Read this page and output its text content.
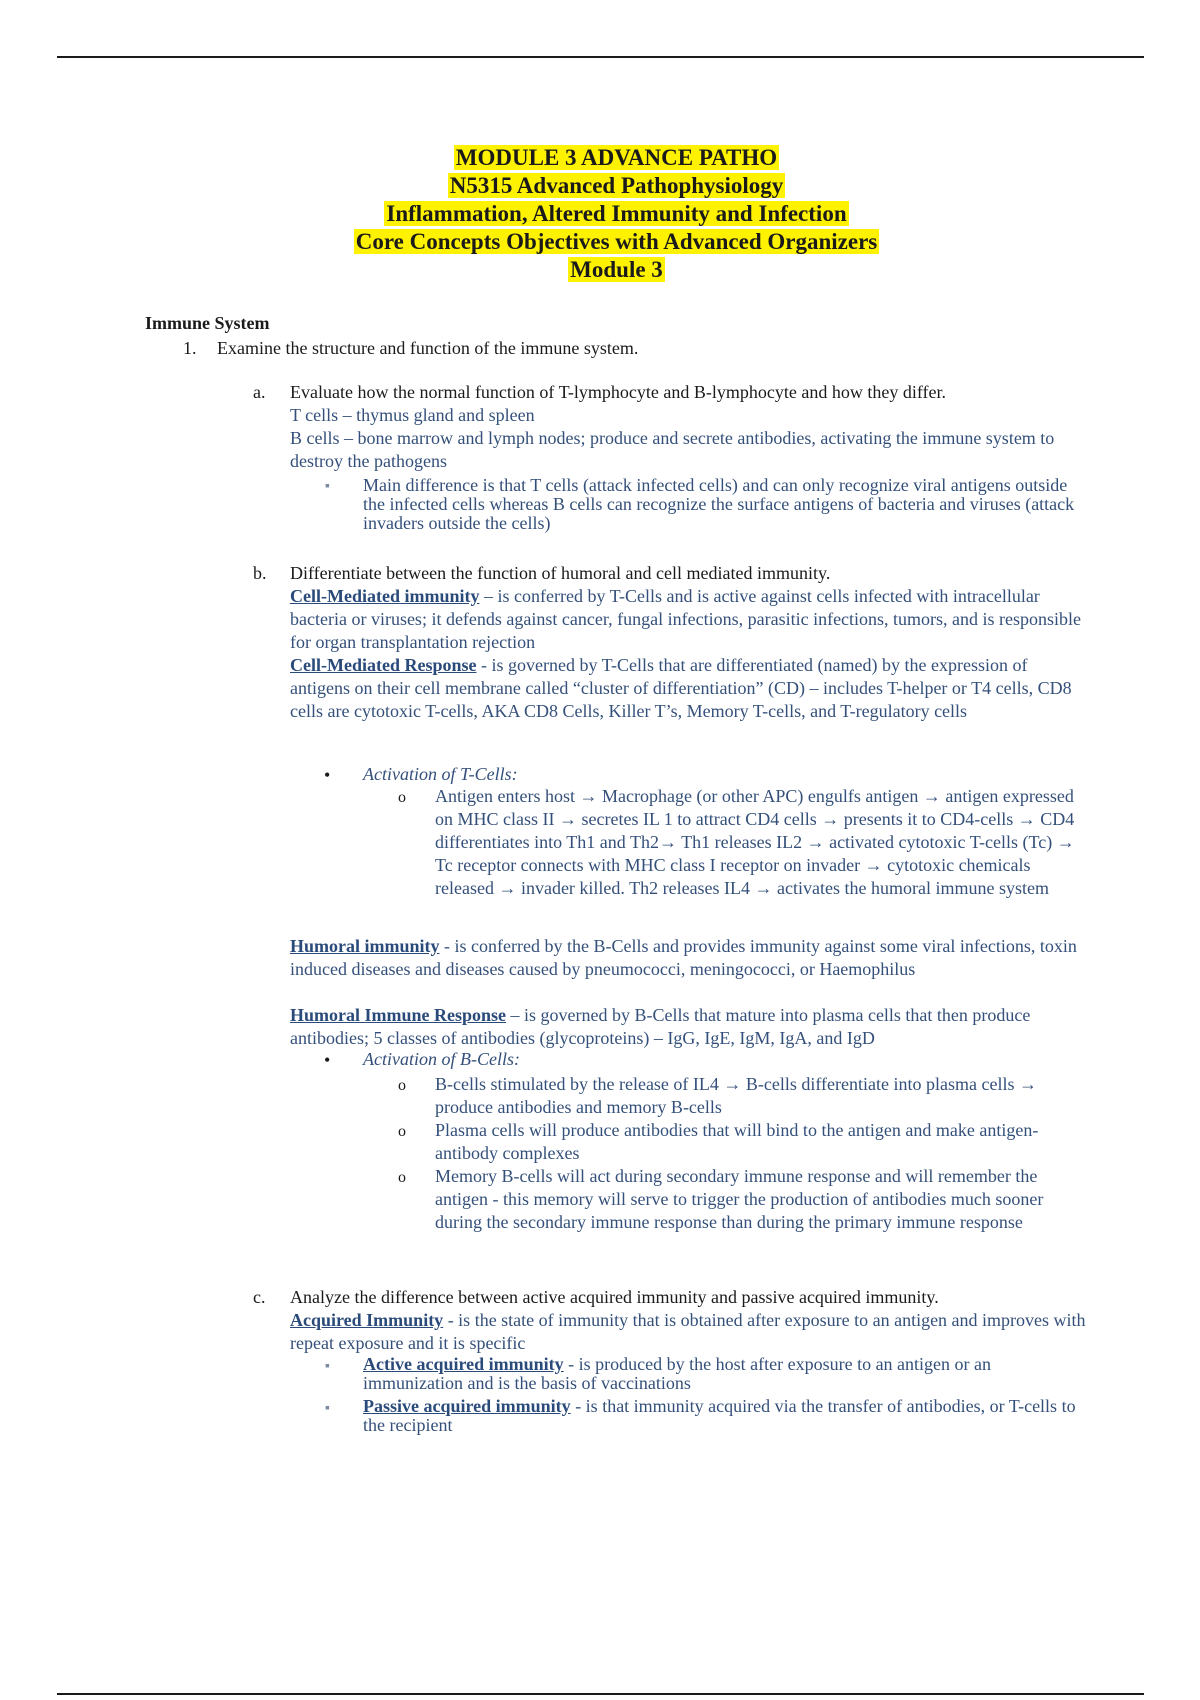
MODULE 3 ADVANCE PATHO
N5315 Advanced Pathophysiology
Inflammation, Altered Immunity and Infection
Core Concepts Objectives with Advanced Organizers
Module 3
Immune System
1. Examine the structure and function of the immune system.
a. Evaluate how the normal function of T-lymphocyte and B-lymphocyte and how they differ.
T cells – thymus gland and spleen
B cells – bone marrow and lymph nodes; produce and secrete antibodies, activating the immune system to destroy the pathogens
▪ Main difference is that T cells (attack infected cells) and can only recognize viral antigens outside the infected cells whereas B cells can recognize the surface antigens of bacteria and viruses (attack invaders outside the cells)
b. Differentiate between the function of humoral and cell mediated immunity.
Cell-Mediated immunity – is conferred by T-Cells and is active against cells infected with intracellular bacteria or viruses; it defends against cancer, fungal infections, parasitic infections, tumors, and is responsible for organ transplantation rejection
Cell-Mediated Response - is governed by T-Cells that are differentiated (named) by the expression of antigens on their cell membrane called “cluster of differentiation” (CD) – includes T-helper or T4 cells, CD8 cells are cytotoxic T-cells, AKA CD8 Cells, Killer T’s, Memory T-cells, and T-regulatory cells
• Activation of T-Cells:
o Antigen enters host → Macrophage (or other APC) engulfs antigen → antigen expressed on MHC class II → secretes IL 1 to attract CD4 cells → presents it to CD4-cells → CD4 differentiates into Th1 and Th2→ Th1 releases IL2 → activated cytotoxic T-cells (Tc) → Tc receptor connects with MHC class I receptor on invader → cytotoxic chemicals released → invader killed. Th2 releases IL4 → activates the humoral immune system
Humoral immunity - is conferred by the B-Cells and provides immunity against some viral infections, toxin induced diseases and diseases caused by pneumococci, meningococci, or Haemophilus
Humoral Immune Response – is governed by B-Cells that mature into plasma cells that then produce antibodies; 5 classes of antibodies (glycoproteins) – IgG, IgE, IgM, IgA, and IgD
• Activation of B-Cells:
o B-cells stimulated by the release of IL4 → B-cells differentiate into plasma cells → produce antibodies and memory B-cells
o Plasma cells will produce antibodies that will bind to the antigen and make antigen-antibody complexes
o Memory B-cells will act during secondary immune response and will remember the antigen - this memory will serve to trigger the production of antibodies much sooner during the secondary immune response than during the primary immune response
c. Analyze the difference between active acquired immunity and passive acquired immunity.
Acquired Immunity - is the state of immunity that is obtained after exposure to an antigen and improves with repeat exposure and it is specific
▪ Active acquired immunity - is produced by the host after exposure to an antigen or an immunization and is the basis of vaccinations
▪ Passive acquired immunity - is that immunity acquired via the transfer of antibodies, or T-cells to the recipient
